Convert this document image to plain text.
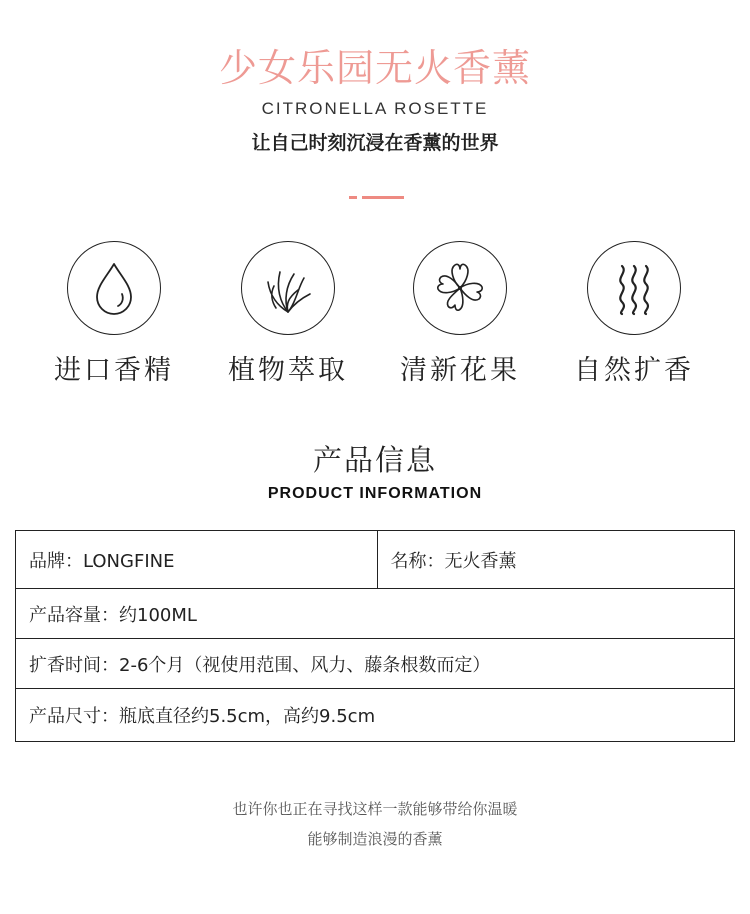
少女乐园无火香薰
CITRONELLA ROSETTE
让自己时刻沉浸在香薰的世界
进口香精	植物萃取	清新花果	自然扩香
产品信息
PRODUCT INFORMATION
品牌：LONGFINE	名称：无火香薰
产品容量：约100ML
扩香时间：2-6个月（视使用范围、风力、藤条根数而定）
产品尺寸：瓶底直径约5.5cm，高约9.5cm
也许你也正在寻找这样一款能够带给你温暖
能够制造浪漫的香薰
